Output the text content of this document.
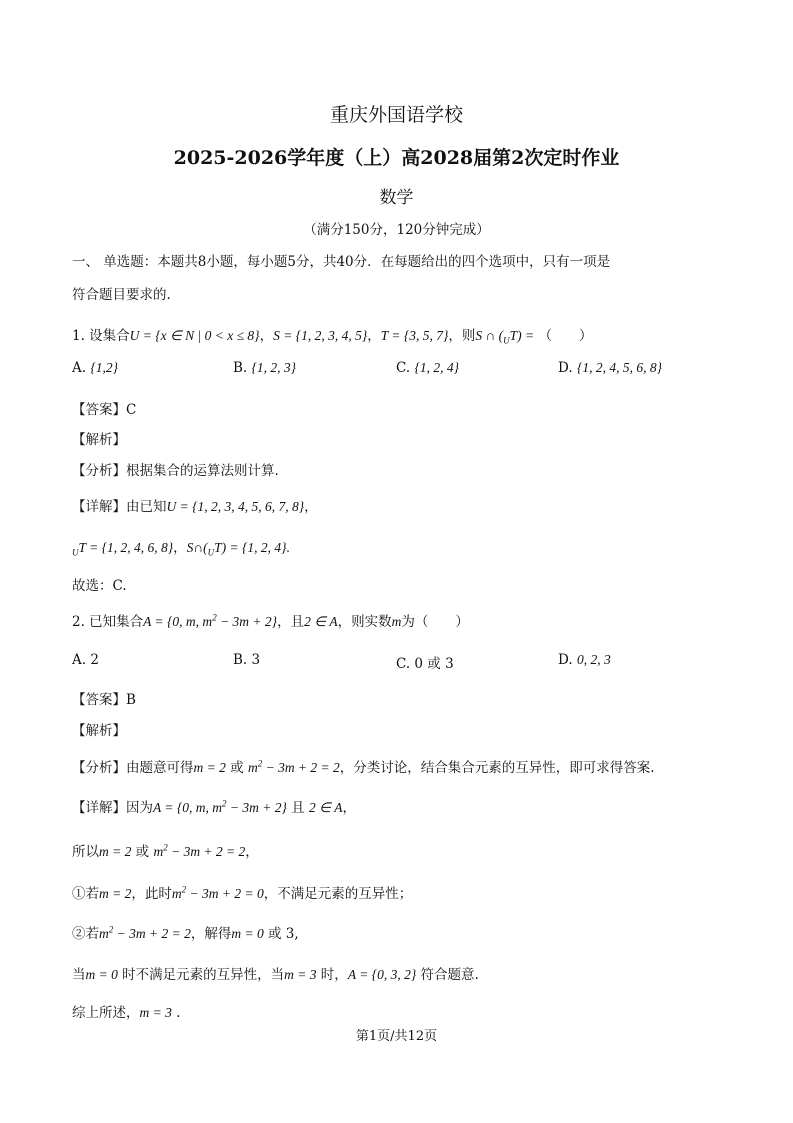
重庆外国语学校
2025-2026学年度（上）高2028届第2次定时作业
数学
（满分150分，120分钟完成）
一、 单选题：本题共8小题，每小题5分，共40分．在每题给出的四个选项中，只有一项是
符合题目要求的.
1. 设集合U = {x ∈ N | 0 < x ≤ 8}，S = {1, 2, 3, 4, 5}，T = {3, 5, 7}，则S ∩ $(_UT)$ = （　　）
A. {1,2}	B. {1, 2, 3}	C. {1, 2, 4}	D. {1, 2, 4, 5, 6, 8}
【答案】C
【解析】
【分析】根据集合的运算法则计算.
【详解】由已知U = {1, 2, 3, 4, 5, 6, 7, 8}，
$_U$T = {1, 2, 4, 6, 8}，$S\cap(_UT) = \{1$, 2, 4}.
故选：C.
2. 已知集合A = {0, m, $m^2 - 3m + 2$}，且2 ∈ A，则实数m为（　　）
A. 2	B. 3	C. 0 或 3	D. 0, 2, 3
【答案】B
【解析】
【分析】由题意可得m = 2 或 $m^2 - 3m + 2 = 2$，分类讨论，结合集合元素的互异性，即可求得答案.
【详解】因为A = {0, m, $m^2 - 3m + 2$} 且 2 ∈ A，
所以m = 2 或 $m^2 - 3m + 2 = 2$，
①若m = 2，此时$m^2 - 3m + 2 = 0$，不满足元素的互异性；
②若$m^2 - 3m + 2 = 2$，解得m = 0 或 3,
当m = 0 时不满足元素的互异性，当m = 3 时，A = {0, 3, 2} 符合题意.
综上所述，m = 3 .
第1页/共12页
